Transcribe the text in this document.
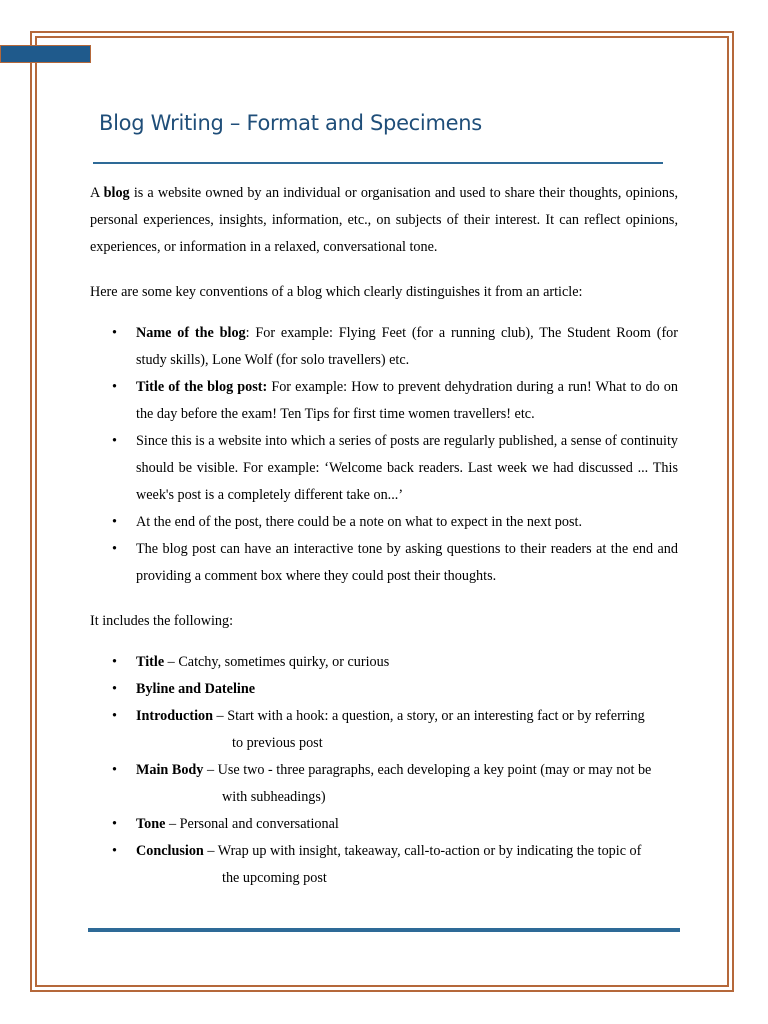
Blog Writing – Format and Specimens

A blog is a website owned by an individual or organisation and used to share their thoughts, opinions, personal experiences, insights, information, etc., on subjects of their interest. It can reflect opinions, experiences, or information in a relaxed, conversational tone.

Here are some key conventions of a blog which clearly distinguishes it from an article:

• Name of the blog: For example: Flying Feet (for a running club), The Student Room (for study skills), Lone Wolf (for solo travellers) etc.
• Title of the blog post: For example: How to prevent dehydration during a run! What to do on the day before the exam! Ten Tips for first time women travellers! etc.
• Since this is a website into which a series of posts are regularly published, a sense of continuity should be visible. For example: ‘Welcome back readers. Last week we had discussed ... This week's post is a completely different take on...’
• At the end of the post, there could be a note on what to expect in the next post.
• The blog post can have an interactive tone by asking questions to their readers at the end and providing a comment box where they could post their thoughts.

It includes the following:

• Title – Catchy, sometimes quirky, or curious
• Byline and Dateline
• Introduction – Start with a hook: a question, a story, or an interesting fact or by referring
to previous post
• Main Body – Use two - three paragraphs, each developing a key point (may or may not be
with subheadings)
• Tone – Personal and conversational
• Conclusion – Wrap up with insight, takeaway, call-to-action or by indicating the topic of
the upcoming post
